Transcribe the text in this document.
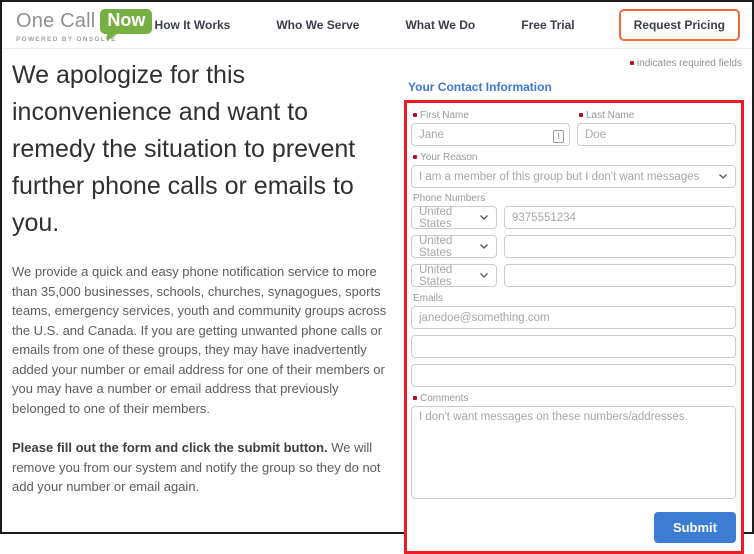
One Call Now
POWERED BY ONSOLVE
How It Works	Who We Serve	What We Do	Free Trial	Request Pricing
We apologize for this inconvenience and want to remedy the situation to prevent further phone calls or emails to you.

We provide a quick and easy phone notification service to more than 35,000 businesses, schools, churches, synagogues, sports teams, emergency services, youth and community groups across the U.S. and Canada. If you are getting unwanted phone calls or emails from one of these groups, they may have inadvertently added your number or email address for one of their members or you may have a number or email address that previously belonged to one of their members.

Please fill out the form and click the submit button. We will remove you from our system and notify the group so they do not add your number or email again.

indicates required fields
Your Contact Information
First Name
Jane
!
Last Name
Doe
Your Reason
I am a member of this group but I don't want messages
Phone Numbers
United States
9375551234
United States
United States
Emails
janedoe@something.com
Comments
I don't want messages on these numbers/addresses.
Submit
